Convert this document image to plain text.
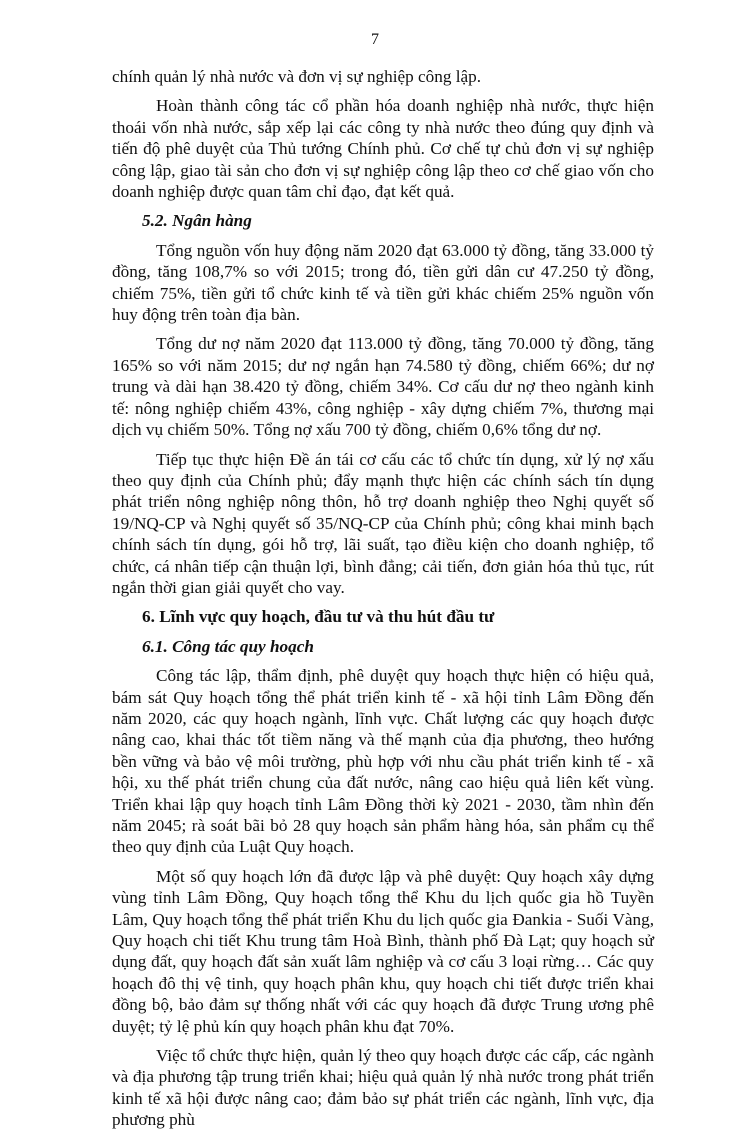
7

chính quản lý nhà nước và đơn vị sự nghiệp công lập.

Hoàn thành công tác cổ phần hóa doanh nghiệp nhà nước, thực hiện thoái vốn nhà nước, sắp xếp lại các công ty nhà nước theo đúng quy định và tiến độ phê duyệt của Thủ tướng Chính phủ. Cơ chế tự chủ đơn vị sự nghiệp công lập, giao tài sản cho đơn vị sự nghiệp công lập theo cơ chế giao vốn cho doanh nghiệp được quan tâm chỉ đạo, đạt kết quả.

5.2. Ngân hàng

Tổng nguồn vốn huy động năm 2020 đạt 63.000 tỷ đồng, tăng 33.000 tỷ đồng, tăng 108,7% so với 2015; trong đó, tiền gửi dân cư 47.250 tỷ đồng, chiếm 75%, tiền gửi tổ chức kinh tế và tiền gửi khác chiếm 25% nguồn vốn huy động trên toàn địa bàn.

Tổng dư nợ năm 2020 đạt 113.000 tỷ đồng, tăng 70.000 tỷ đồng, tăng 165% so với năm 2015; dư nợ ngắn hạn 74.580 tỷ đồng, chiếm 66%; dư nợ trung và dài hạn 38.420 tỷ đồng, chiếm 34%. Cơ cấu dư nợ theo ngành kinh tế: nông nghiệp chiếm 43%, công nghiệp - xây dựng chiếm 7%, thương mại dịch vụ chiếm 50%. Tổng nợ xấu 700 tỷ đồng, chiếm 0,6% tổng dư nợ.

Tiếp tục thực hiện Đề án tái cơ cấu các tổ chức tín dụng, xử lý nợ xấu theo quy định của Chính phủ; đẩy mạnh thực hiện các chính sách tín dụng phát triển nông nghiệp nông thôn, hỗ trợ doanh nghiệp theo Nghị quyết số 19/NQ-CP và Nghị quyết số 35/NQ-CP của Chính phủ; công khai minh bạch chính sách tín dụng, gói hỗ trợ, lãi suất, tạo điều kiện cho doanh nghiệp, tổ chức, cá nhân tiếp cận thuận lợi, bình đẳng; cải tiến, đơn giản hóa thủ tục, rút ngắn thời gian giải quyết cho vay.

6. Lĩnh vực quy hoạch, đầu tư và thu hút đầu tư

6.1. Công tác quy hoạch

Công tác lập, thẩm định, phê duyệt quy hoạch thực hiện có hiệu quả, bám sát Quy hoạch tổng thể phát triển kinh tế - xã hội tỉnh Lâm Đồng đến năm 2020, các quy hoạch ngành, lĩnh vực. Chất lượng các quy hoạch được nâng cao, khai thác tốt tiềm năng và thế mạnh của địa phương, theo hướng bền vững và bảo vệ môi trường, phù hợp với nhu cầu phát triển kinh tế - xã hội, xu thế phát triển chung của đất nước, nâng cao hiệu quả liên kết vùng. Triển khai lập quy hoạch tỉnh Lâm Đồng thời kỳ 2021 - 2030, tầm nhìn đến năm 2045; rà soát bãi bỏ 28 quy hoạch sản phẩm hàng hóa, sản phẩm cụ thể theo quy định của Luật Quy hoạch.

Một số quy hoạch lớn đã được lập và phê duyệt: Quy hoạch xây dựng vùng tỉnh Lâm Đồng, Quy hoạch tổng thể Khu du lịch quốc gia hồ Tuyền Lâm, Quy hoạch tổng thể phát triển Khu du lịch quốc gia Đankia - Suối Vàng, Quy hoạch chi tiết Khu trung tâm Hoà Bình, thành phố Đà Lạt; quy hoạch sử dụng đất, quy hoạch đất sản xuất lâm nghiệp và cơ cấu 3 loại rừng… Các quy hoạch đô thị vệ tinh, quy hoạch phân khu, quy hoạch chi tiết được triển khai đồng bộ, bảo đảm sự thống nhất với các quy hoạch đã được Trung ương phê duyệt; tỷ lệ phủ kín quy hoạch phân khu đạt 70%.

Việc tổ chức thực hiện, quản lý theo quy hoạch được các cấp, các ngành và địa phương tập trung triển khai; hiệu quả quản lý nhà nước trong phát triển kinh tế xã hội được nâng cao; đảm bảo sự phát triển các ngành, lĩnh vực, địa phương phù
